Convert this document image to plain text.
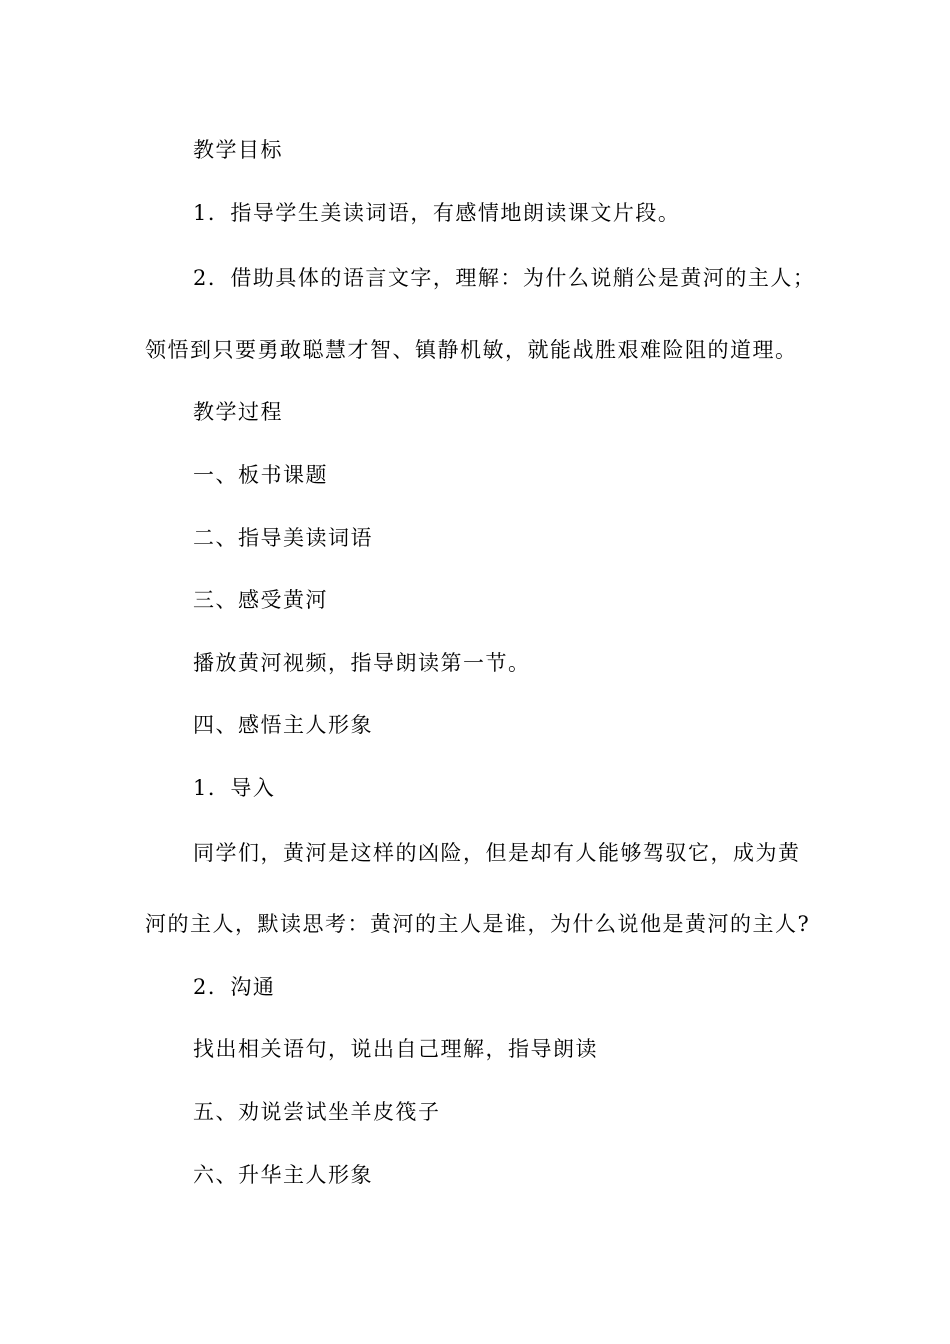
教学目标
1．指导学生美读词语，有感情地朗读课文片段。
2．借助具体的语言文字，理解：为什么说艄公是黄河的主人；
领悟到只要勇敢聪慧才智、镇静机敏，就能战胜艰难险阻的道理。
教学过程
一、板书课题
二、指导美读词语
三、感受黄河
播放黄河视频，指导朗读第一节。
四、感悟主人形象
1．导入
同学们，黄河是这样的凶险，但是却有人能够驾驭它，成为黄
河的主人，默读思考：黄河的主人是谁，为什么说他是黄河的主人?
2．沟通
找出相关语句，说出自己理解，指导朗读
五、劝说尝试坐羊皮筏子
六、升华主人形象
